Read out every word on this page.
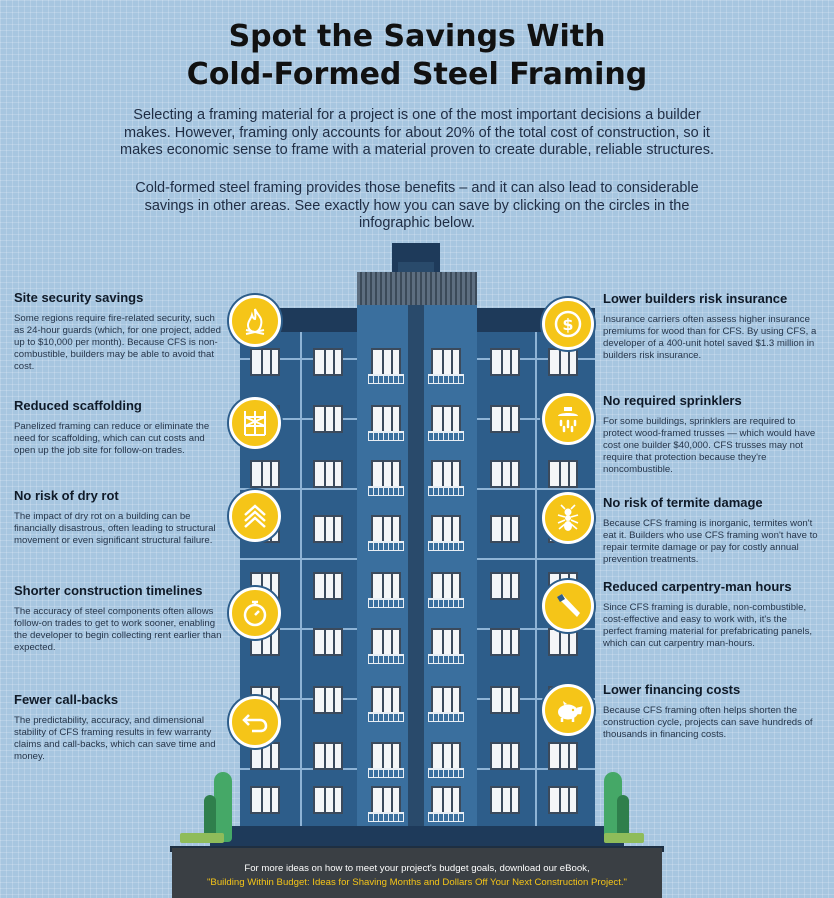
Spot the Savings With
Cold-Formed Steel Framing
Selecting a framing material for a project is one of the most important decisions a builder makes. However, framing only accounts for about 20% of the total cost of construction, so it makes economic sense to frame with a material proven to create durable, reliable structures.
Cold-formed steel framing provides those benefits – and it can also lead to considerable savings in other areas. See exactly how you can save by clicking on the circles in the infographic below.
Site security savings

Some regions require fire-related security, such as 24-hour guards (which, for one project, added up to $10,000 per month). Because CFS is non-combustible, builders may be able to avoid that cost.

Reduced scaffolding

Panelized framing can reduce or eliminate the need for scaffolding, which can cut costs and open up the job site for follow-on trades.

No risk of dry rot

The impact of dry rot on a building can be financially disastrous, often leading to structural movement or even significant structural failure.

Shorter construction timelines

The accuracy of steel components often allows follow-on trades to get to work sooner, enabling the developer to begin collecting rent earlier than expected.

Fewer call-backs

The predictability, accuracy, and dimensional stability of CFS framing results in few warranty claims and call-backs, which can save time and money.

Lower builders risk insurance

Insurance carriers often assess higher insurance premiums for wood than for CFS. By using CFS, a developer of a 400-unit hotel saved $1.3 million in builders risk insurance.

No required sprinklers

For some buildings, sprinklers are required to protect wood-framed trusses — which would have cost one builder $40,000. CFS trusses may not require that protection because they're noncombustible.

No risk of termite damage

Because CFS framing is inorganic, termites won't eat it. Builders who use CFS framing won't have to repair termite damage or pay for costly annual prevention treatments.

Reduced carpentry-man hours

Since CFS framing is durable, non-combustible, cost-effective and easy to work with, it's the perfect framing material for prefabricating panels, which can cut carpentry man-hours.

Lower financing costs

Because CFS framing often helps shorten the construction cycle, projects can save hundreds of thousands in financing costs.

$
For more ideas on how to meet your project's budget goals, download our eBook,
"Building Within Budget: Ideas for Shaving Months and Dollars Off Your Next Construction Project."
